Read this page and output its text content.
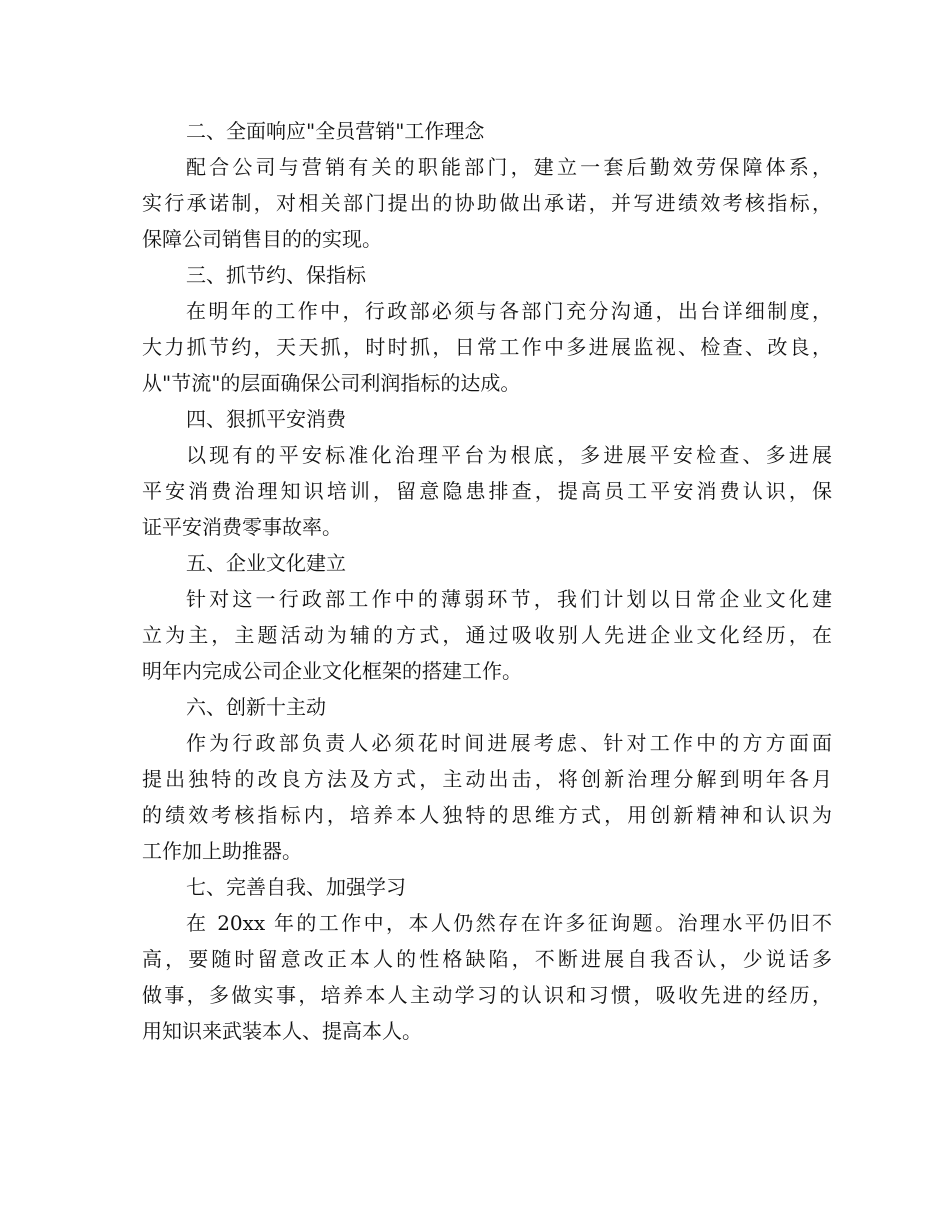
二、全面响应"全员营销"工作理念

配合公司与营销有关的职能部门，建立一套后勤效劳保障体系，

实行承诺制，对相关部门提出的协助做出承诺，并写进绩效考核指标，

保障公司销售目的的实现。

三、抓节约、保指标

在明年的工作中，行政部必须与各部门充分沟通，出台详细制度，

大力抓节约，天天抓，时时抓，日常工作中多进展监视、检查、改良，

从"节流"的层面确保公司利润指标的达成。

四、狠抓平安消费

以现有的平安标准化治理平台为根底，多进展平安检查、多进展

平安消费治理知识培训，留意隐患排查，提高员工平安消费认识，保

证平安消费零事故率。

五、企业文化建立

针对这一行政部工作中的薄弱环节，我们计划以日常企业文化建

立为主，主题活动为辅的方式，通过吸收别人先进企业文化经历，在

明年内完成公司企业文化框架的搭建工作。

六、创新十主动

作为行政部负责人必须花时间进展考虑、针对工作中的方方面面

提出独特的改良方法及方式，主动出击，将创新治理分解到明年各月

的绩效考核指标内，培养本人独特的思维方式，用创新精神和认识为

工作加上助推器。

七、完善自我、加强学习

在 20xx 年的工作中，本人仍然存在许多征询题。治理水平仍旧不

高，要随时留意改正本人的性格缺陷，不断进展自我否认，少说话多

做事，多做实事，培养本人主动学习的认识和习惯，吸收先进的经历，

用知识来武装本人、提高本人。
